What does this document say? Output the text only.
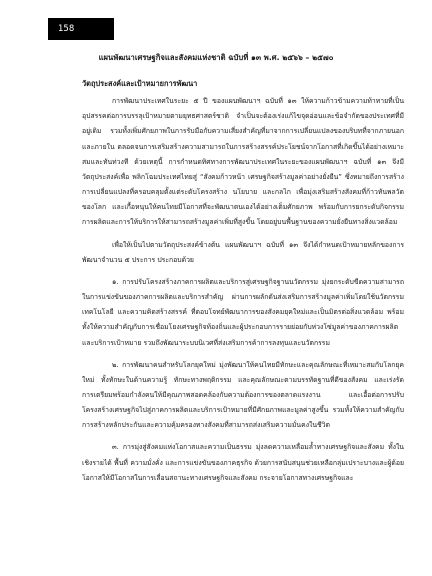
158
แผนพัฒนาเศรษฐกิจและสังคมแห่งชาติ ฉบับที่ ๑๓ พ.ศ. ๒๕๖๖ – ๒๕๗๐
วัตถุประสงค์และเป้าหมายการพัฒนา

การพัฒนาประเทศในระยะ ๕ ปี ของแผนพัฒนาฯ ฉบับที่ ๑๓ ให้ความก้าวข้ามความท้าทายที่เป็นอุปสรรคต่อการบรรลุเป้าหมายตามยุทธศาสตร์ชาติ จำเป็นจะต้องเร่งแก้ไขจุดอ่อนและข้อจำกัดของประเทศที่มีอยู่เดิม รวมทั้งเพิ่มศักยภาพในการรับมือกับความเสี่ยงสำคัญที่มาจากการเปลี่ยนแปลงของบริบทที่จากภายนอกและภายใน ตลอดจนการเสริมสร้างความสามารถในการสร้างสรรค์ประโยชน์จากโอกาสที่เกิดขึ้นได้อย่างเหมาะสมและทันท่วงที ด้วยเหตุนี้ การกำหนดทิศทางการพัฒนาประเทศในระยะของแผนพัฒนาฯ ฉบับที่ ๑๓ จึงมีวัตถุประสงค์เพื่อ พลิกโฉมประเทศไทยสู่ “สังคมก้าวหน้า เศรษฐกิจสร้างมูลค่าอย่างยั่งยืน” ซึ่งหมายถึงการสร้างการเปลี่ยนแปลงที่ครอบคลุมตั้งแต่ระดับโครงสร้าง นโยบาย และกลไก เพื่อมุ่งเสริมสร้างสังคมที่ก้าวทันพลวัตของโลก และเกื้อหนุนให้คนไทยมีโอกาสที่จะพัฒนาตนเองได้อย่างเต็มศักยภาพ พร้อมกับการยกระดับกิจกรรมการผลิตและการให้บริการให้สามารถสร้างมูลค่าเพิ่มที่สูงขึ้น โดยอยู่บนพื้นฐานของความยั่งยืนทางสิ่งแวดล้อม

เพื่อให้เป็นไปตามวัตถุประสงค์ข้างต้น แผนพัฒนาฯ ฉบับที่ ๑๓ จึงได้กำหนดเป้าหมายหลักของการพัฒนาจำนวน ๕ ประการ ประกอบด้วย

๑. การปรับโครงสร้างภาคการผลิตและบริการสู่เศรษฐกิจฐานนวัตกรรม มุ่งยกระดับขีดความสามารถในการแข่งขันของภาคการผลิตและบริการสำคัญ ผ่านการผลักดันส่งเสริมการสร้างมูลค่าเพิ่มโดยใช้นวัตกรรม เทคโนโลยี และความคิดสร้างสรรค์ ที่ตอบโจทย์พัฒนาการของสังคมยุคใหม่และเป็นมิตรต่อสิ่งแวดล้อม พร้อมทั้งให้ความสำคัญกับการเชื่อมโยงเศรษฐกิจท้องถิ่นและผู้ประกอบการรายย่อยกับห่วงโซ่มูลค่าของภาคการผลิตและบริการเป้าหมาย รวมถึงพัฒนาระบบนิเวศที่ส่งเสริมการค้าการลงทุนและนวัตกรรม

๒. การพัฒนาคนสำหรับโลกยุคใหม่ มุ่งพัฒนาให้คนไทยมีทักษะและคุณลักษณะที่เหมาะสมกับโลกยุคใหม่ ทั้งทักษะในด้านความรู้ ทักษะทางพฤติกรรม และคุณลักษณะตามบรรทัดฐานที่ดีของสังคม และเร่งรัดการเตรียมพร้อมกำลังคนให้มีคุณภาพสอดคล้องกับความต้องการของตลาดแรงงาน และเอื้อต่อการปรับโครงสร้างเศรษฐกิจไปสู่ภาคการผลิตและบริการเป้าหมายที่มีศักยภาพและมูลค่าสูงขึ้น รวมทั้งให้ความสำคัญกับการสร้างหลักประกันและความคุ้มครองทางสังคมที่สามารถส่งเสริมความมั่นคงในชีวิต

๓. การมุ่งสู่สังคมแห่งโอกาสและความเป็นธรรม มุ่งลดความเหลื่อมล้ำทางเศรษฐกิจและสังคม ทั้งในเชิงรายได้ พื้นที่ ความมั่งคั่ง และการแข่งขันของภาคธุรกิจ ด้วยการสนับสนุนช่วยเหลือกลุ่มเปราะบางและผู้ด้อยโอกาสให้มีโอกาสในการเลื่อนสถานะทางเศรษฐกิจและสังคม กระจายโอกาสทางเศรษฐกิจและ
